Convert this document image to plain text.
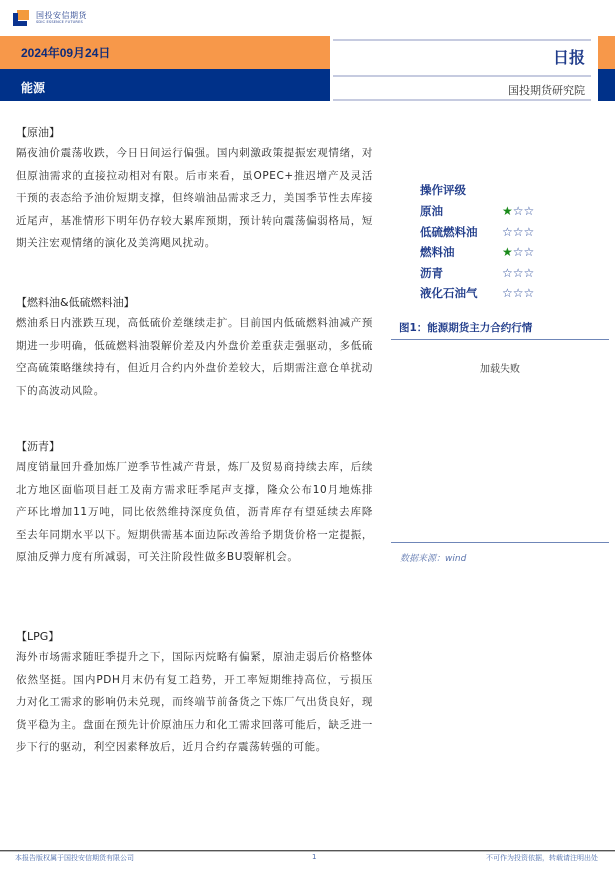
国投安信期货
SDIC ESSENCE FUTURES
2024年09月24日
能源
日报
国投期货研究院

【原油】

隔夜油价震荡收跌，今日日间运行偏强。国内刺激政策提振宏观情绪，对但原油需求的直接拉动相对有限。后市来看，虽OPEC+推迟增产及灵活干预的表态给予油价短期支撑，但终端油品需求乏力，美国季节性去库接近尾声，基准情形下明年仍存较大累库预期，预计转向震荡偏弱格局，短期关注宏观情绪的演化及美湾飓风扰动。

【燃料油&低硫燃料油】

燃油系日内涨跌互现，高低硫价差继续走扩。目前国内低硫燃料油减产预期进一步明确，低硫燃料油裂解价差及内外盘价差重获走强驱动，多低硫空高硫策略继续持有，但近月合约内外盘价差较大，后期需注意仓单扰动下的高波动风险。

【沥青】

周度销量回升叠加炼厂逆季节性减产背景，炼厂及贸易商持续去库，后续北方地区面临项目赶工及南方需求旺季尾声支撑，隆众公布10月地炼排产环比增加11万吨，同比依然维持深度负值，沥青库存有望延续去库降至去年同期水平以下。短期供需基本面边际改善给予期货价格一定提振，原油反弹力度有所减弱，可关注阶段性做多BU裂解机会。

【LPG】

海外市场需求随旺季提升之下，国际丙烷略有偏紧，原油走弱后价格整体依然坚挺。国内PDH月末仍有复工趋势，开工率短期维持高位，亏损压力对化工需求的影响仍未兑现，而终端节前备货之下炼厂气出货良好，现货平稳为主。盘面在预先计价原油压力和化工需求回落可能后，缺乏进一步下行的驱动，利空因素释放后，近月合约存震荡转强的可能。

操作评级
原油	★☆☆
低硫燃料油	☆☆☆
燃料油	★☆☆
沥青	☆☆☆
液化石油气	☆☆☆
图1：能源期货主力合约行情
加载失败
数据来源：wind
本报告版权属于国投安信期货有限公司	1	不可作为投资依据，转载请注明出处
